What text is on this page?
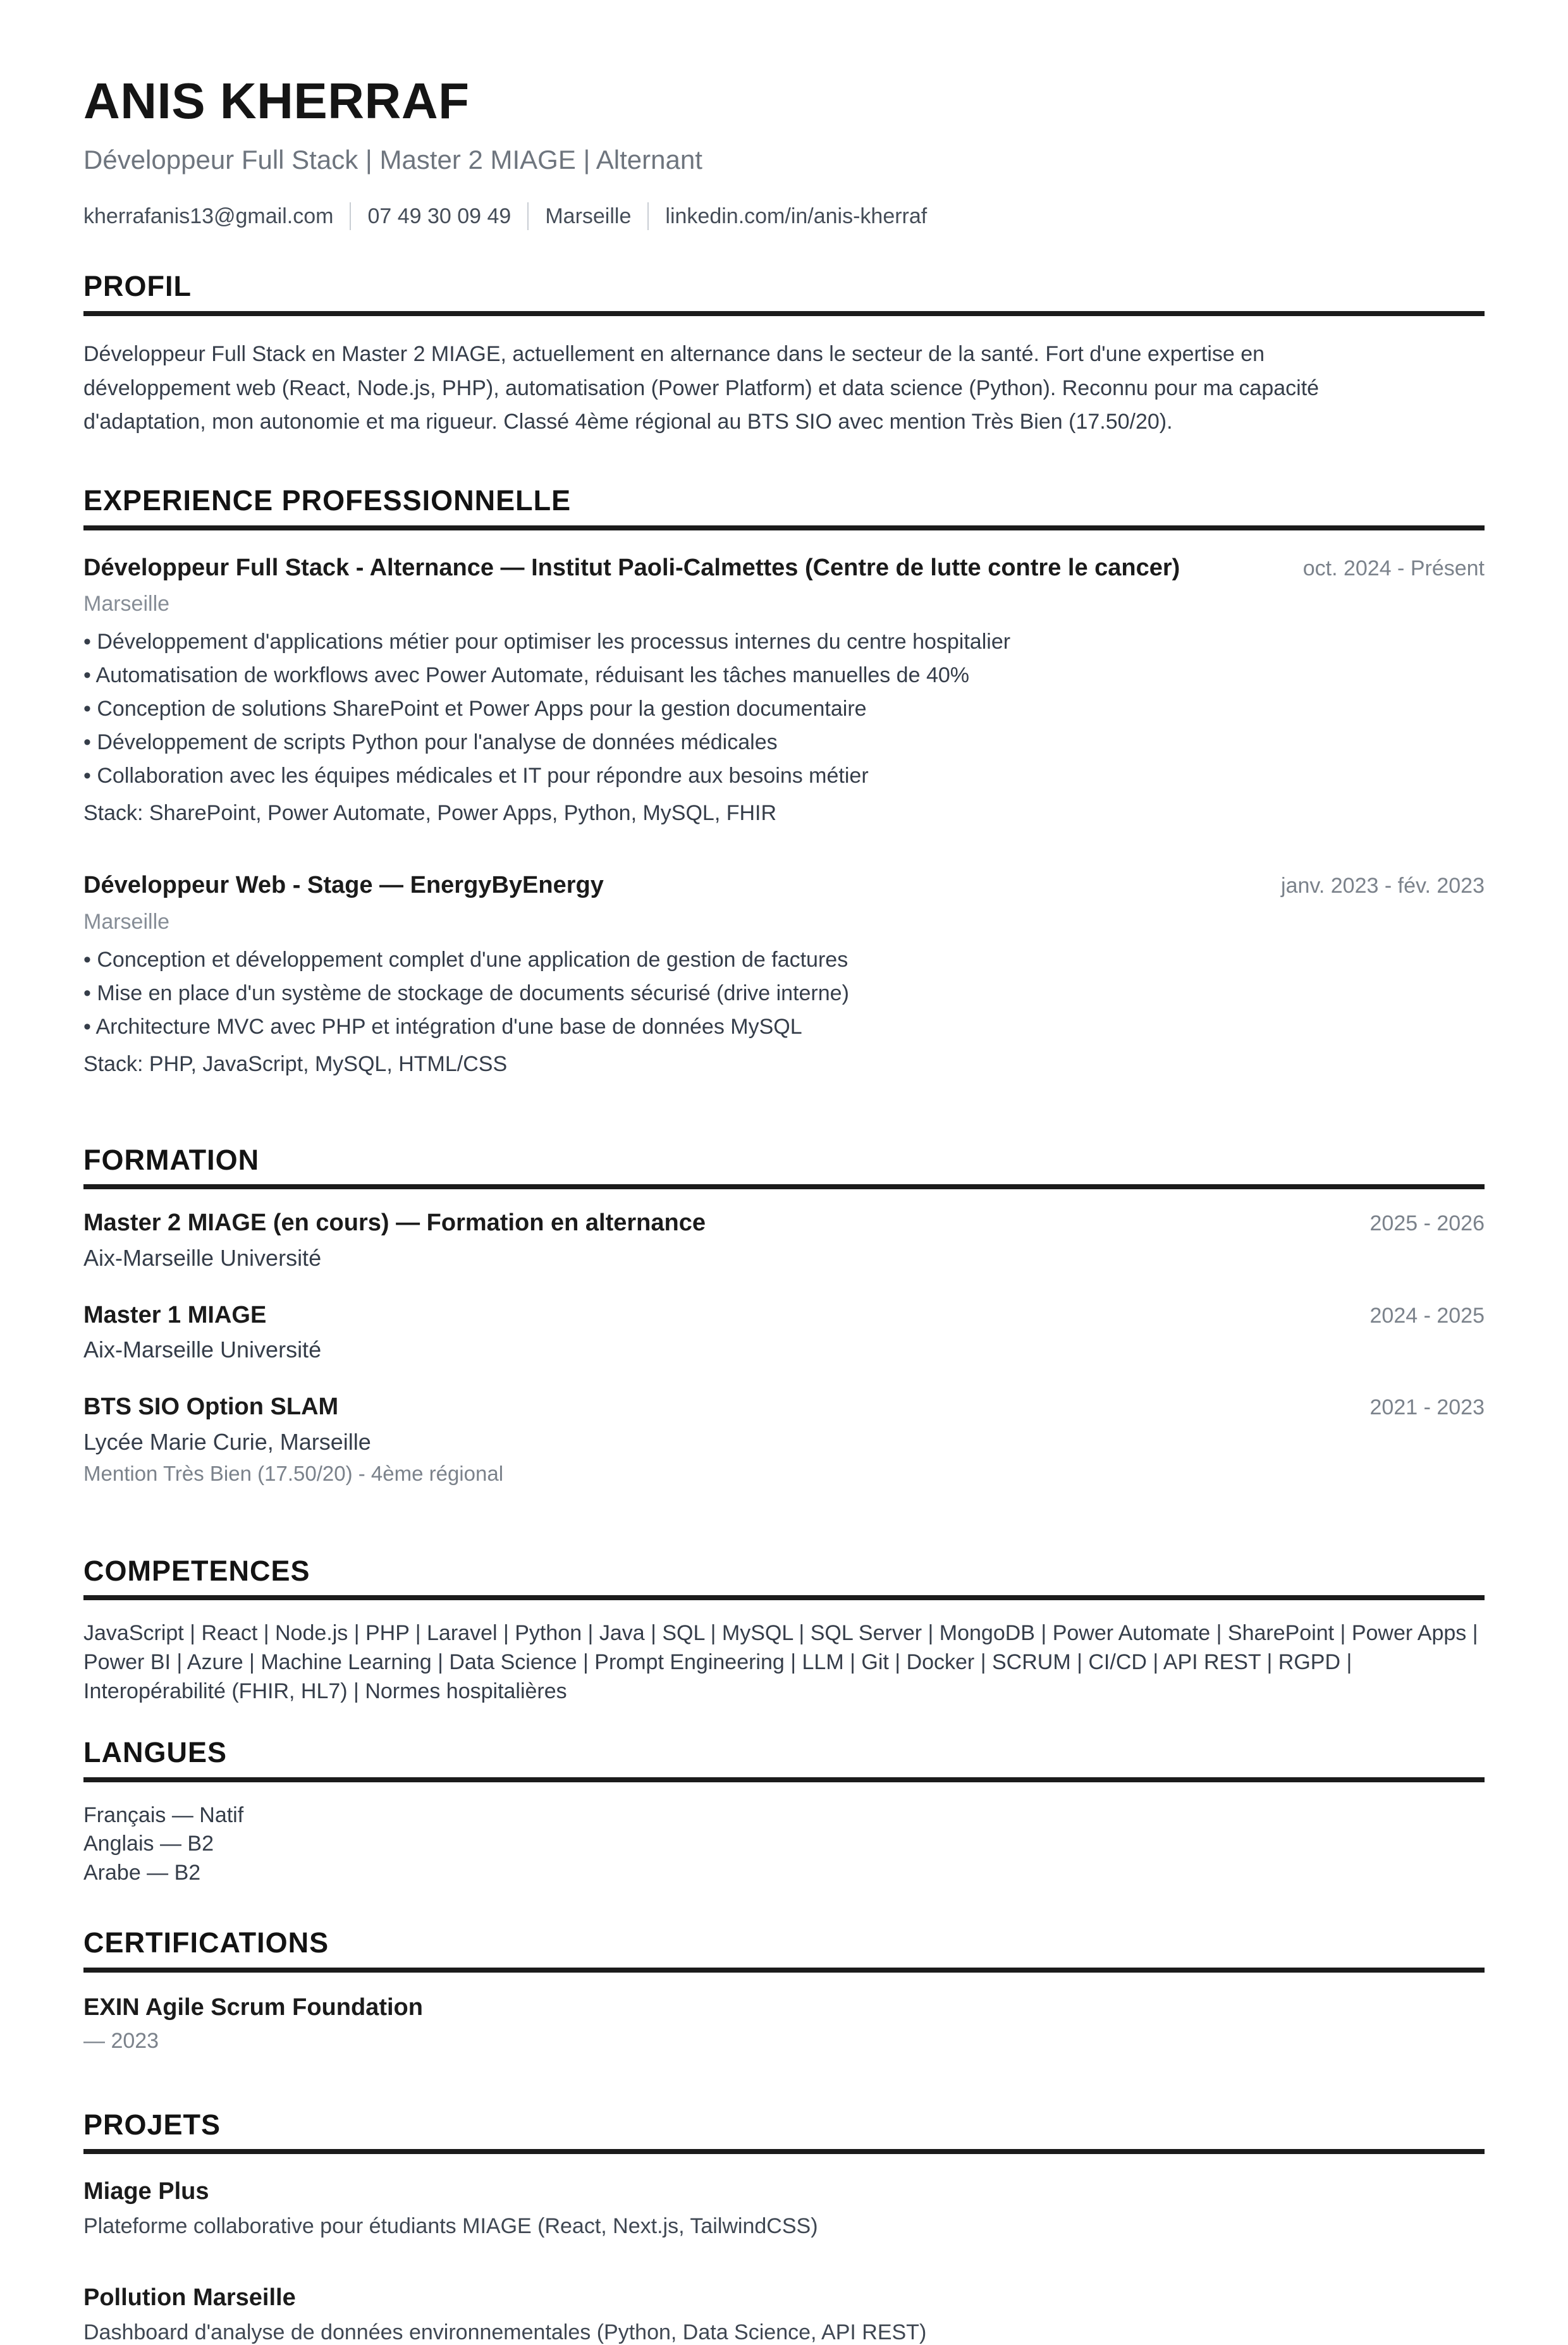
ANIS KHERRAF
Développeur Full Stack | Master 2 MIAGE | Alternant
kherrafanis13@gmail.com 07 49 30 09 49 Marseille linkedin.com/in/anis-kherraf
PROFIL

Développeur Full Stack en Master 2 MIAGE, actuellement en alternance dans le secteur de la santé. Fort d'une expertise en développement web (React, Node.js, PHP), automatisation (Power Platform) et data science (Python). Reconnu pour ma capacité d'adaptation, mon autonomie et ma rigueur. Classé 4ème régional au BTS SIO avec mention Très Bien (17.50/20).

EXPERIENCE PROFESSIONNELLE
Développeur Full Stack - Alternance — Institut Paoli-Calmettes (Centre de lutte contre le cancer)	oct. 2024 - Présent
Marseille
• Développement d'applications métier pour optimiser les processus internes du centre hospitalier
• Automatisation de workflows avec Power Automate, réduisant les tâches manuelles de 40%
• Conception de solutions SharePoint et Power Apps pour la gestion documentaire
• Développement de scripts Python pour l'analyse de données médicales
• Collaboration avec les équipes médicales et IT pour répondre aux besoins métier
Stack: SharePoint, Power Automate, Power Apps, Python, MySQL, FHIR
Développeur Web - Stage — EnergyByEnergy	janv. 2023 - fév. 2023
Marseille
• Conception et développement complet d'une application de gestion de factures
• Mise en place d'un système de stockage de documents sécurisé (drive interne)
• Architecture MVC avec PHP et intégration d'une base de données MySQL
Stack: PHP, JavaScript, MySQL, HTML/CSS
FORMATION
Master 2 MIAGE (en cours) — Formation en alternance	2025 - 2026
Aix-Marseille Université
Master 1 MIAGE	2024 - 2025
Aix-Marseille Université
BTS SIO Option SLAM	2021 - 2023
Lycée Marie Curie, Marseille
Mention Très Bien (17.50/20) - 4ème régional
COMPETENCES
JavaScript | React | Node.js | PHP | Laravel | Python | Java | SQL | MySQL | SQL Server | MongoDB | Power Automate | SharePoint | Power Apps | Power BI | Azure | Machine Learning | Data Science | Prompt Engineering | LLM | Git | Docker | SCRUM | CI/CD | API REST | RGPD | Interopérabilité (FHIR, HL7) | Normes hospitalières
LANGUES
Français — Natif
Anglais — B2
Arabe — B2
CERTIFICATIONS
EXIN Agile Scrum Foundation
— 2023
PROJETS
Miage Plus
Plateforme collaborative pour étudiants MIAGE (React, Next.js, TailwindCSS)
Pollution Marseille
Dashboard d'analyse de données environnementales (Python, Data Science, API REST)
